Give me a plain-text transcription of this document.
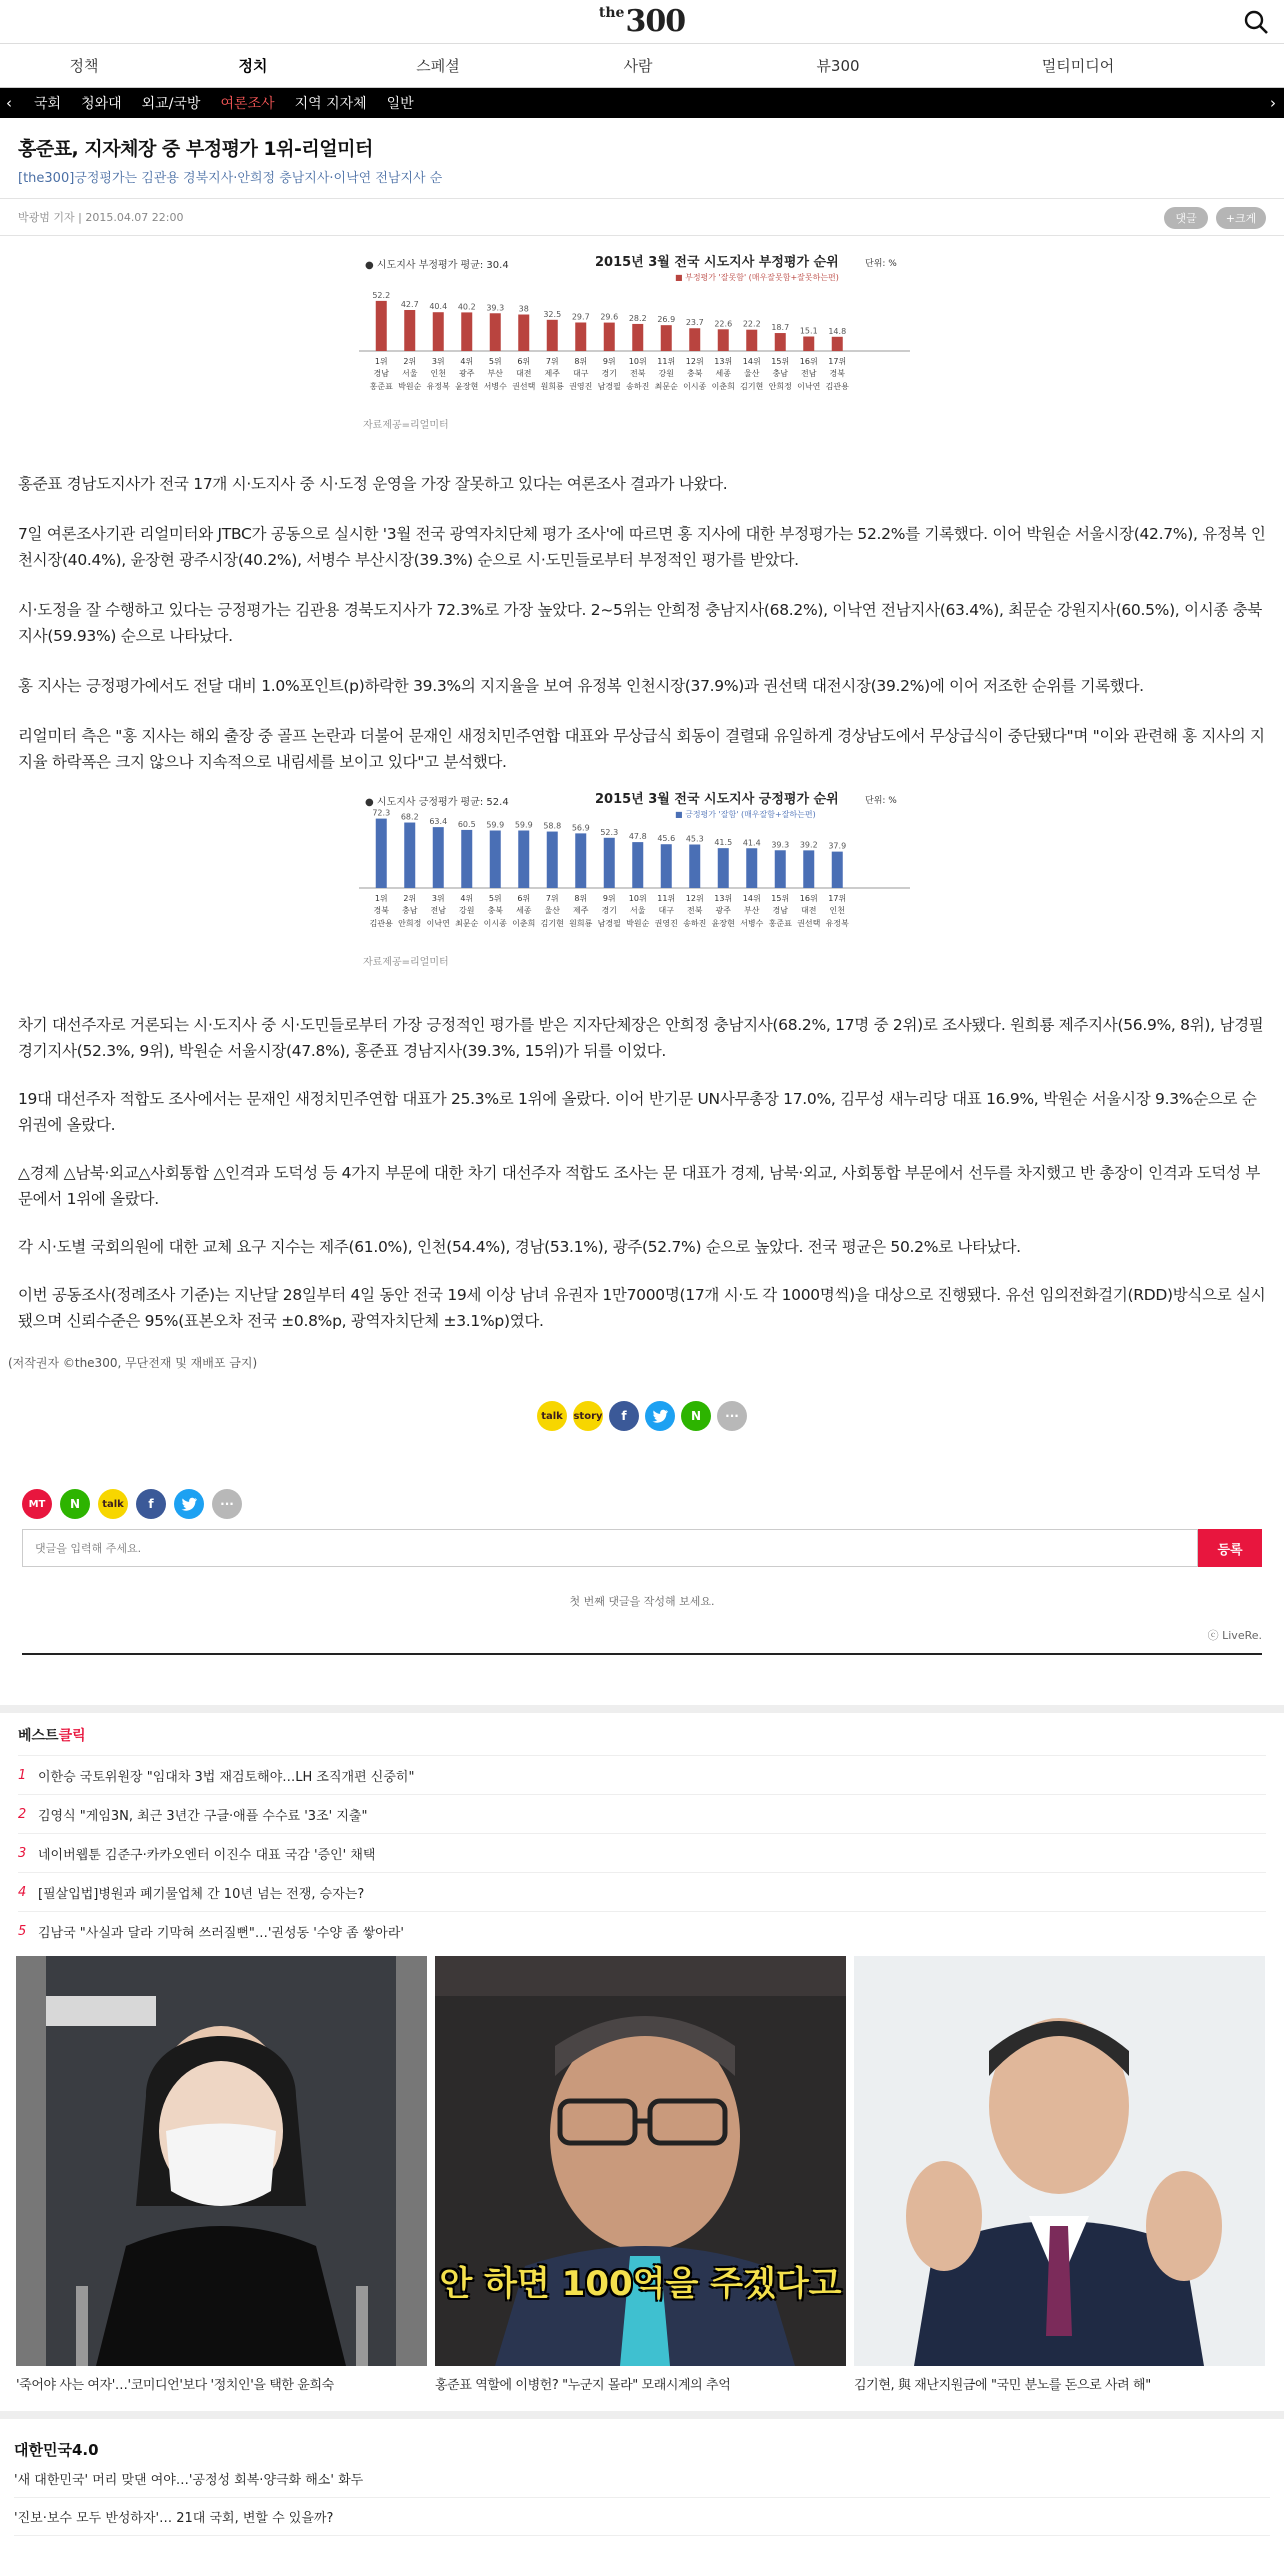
the300
정책	정치	스페셜	사람	뷰300	멀티미디어
‹ 국회 청와대 외교/국방 여론조사 지역 지자체 일반	›
홍준표, 지자체장 중 부정평가 1위-리얼미터
[the300]긍정평가는 김관용 경북지사·안희정 충남지사·이낙연 전남지사 순
박광범 기자 | 2015.04.07 22:00	댓글	+크게
● 시도지사 부정평가 평균: 30.4	2015년 3월 전국 시도지사 부정평가 순위	단위: %
■ 부정평가 '잘못함' (매우잘못함+잘못하는편)
52.2
1위
경남
홍준표
42.7
2위
서울
박원순
40.4
3위
인천
유정복
40.2
4위
광주
윤장현
39.3
5위
부산
서병수
38
6위
대전
권선택
32.5
7위
제주
원희룡
29.7
8위
대구
권영진
29.6
9위
경기
남경필
28.2
10위
전북
송하진
26.9
11위
강원
최문순
23.7
12위
충북
이시종
22.6
13위
세종
이춘희
22.2
14위
울산
김기현
18.7
15위
충남
안희정
15.1
16위
전남
이낙연
14.8
17위
경북
김관용
자료제공=리얼미터

홍준표 경남도지사가 전국 17개 시·도지사 중 시·도정 운영을 가장 잘못하고 있다는 여론조사 결과가 나왔다.

7일 여론조사기관 리얼미터와 JTBC가 공동으로 실시한 '3월 전국 광역자치단체 평가 조사'에 따르면 홍 지사에 대한 부정평가는 52.2%를 기록했다. 이어 박원순 서울시장(42.7%), 유정복 인천시장(40.4%), 윤장현 광주시장(40.2%), 서병수 부산시장(39.3%) 순으로 시·도민들로부터 부정적인 평가를 받았다.

시·도정을 잘 수행하고 있다는 긍정평가는 김관용 경북도지사가 72.3%로 가장 높았다. 2~5위는 안희정 충남지사(68.2%), 이낙연 전남지사(63.4%), 최문순 강원지사(60.5%), 이시종 충북지사(59.93%) 순으로 나타났다.

홍 지사는 긍정평가에서도 전달 대비 1.0%포인트(p)하락한 39.3%의 지지율을 보여 유정복 인천시장(37.9%)과 권선택 대전시장(39.2%)에 이어 저조한 순위를 기록했다.

리얼미터 측은 "홍 지사는 해외 출장 중 골프 논란과 더불어 문재인 새정치민주연합 대표와 무상급식 회동이 결렬돼 유일하게 경상남도에서 무상급식이 중단됐다"며 "이와 관련해 홍 지사의 지지율 하락폭은 크지 않으나 지속적으로 내림세를 보이고 있다"고 분석했다.

● 시도지사 긍정평가 평균: 52.4	2015년 3월 전국 시도지사 긍정평가 순위	단위: %
■ 긍정평가 '잘함' (매우잘함+잘하는편)
72.3
1위
경북
김관용
68.2
2위
충남
안희정
63.4
3위
전남
이낙연
60.5
4위
강원
최문순
59.9
5위
충북
이시종
59.9
6위
세종
이춘희
58.8
7위
울산
김기현
56.9
8위
제주
원희룡
52.3
9위
경기
남경필
47.8
10위
서울
박원순
45.6
11위
대구
권영진
45.3
12위
전북
송하진
41.5
13위
광주
윤장현
41.4
14위
부산
서병수
39.3
15위
경남
홍준표
39.2
16위
대전
권선택
37.9
17위
인천
유정복
자료제공=리얼미터

차기 대선주자로 거론되는 시·도지사 중 시·도민들로부터 가장 긍정적인 평가를 받은 지자단체장은 안희정 충남지사(68.2%, 17명 중 2위)로 조사됐다. 원희룡 제주지사(56.9%, 8위), 남경필 경기지사(52.3%, 9위), 박원순 서울시장(47.8%), 홍준표 경남지사(39.3%, 15위)가 뒤를 이었다.

19대 대선주자 적합도 조사에서는 문재인 새정치민주연합 대표가 25.3%로 1위에 올랐다. 이어 반기문 UN사무총장 17.0%, 김무성 새누리당 대표 16.9%, 박원순 서울시장 9.3%순으로 순위권에 올랐다.

△경제 △남북·외교△사회통합 △인격과 도덕성 등 4가지 부문에 대한 차기 대선주자 적합도 조사는 문 대표가 경제, 남북·외교, 사회통합 부문에서 선두를 차지했고 반 총장이 인격과 도덕성 부문에서 1위에 올랐다.

각 시·도별 국회의원에 대한 교체 요구 지수는 제주(61.0%), 인천(54.4%), 경남(53.1%), 광주(52.7%) 순으로 높았다. 전국 평균은 50.2%로 나타났다.

이번 공동조사(정례조사 기준)는 지난달 28일부터 4일 동안 전국 19세 이상 남녀 유권자 1만7000명(17개 시·도 각 1000명씩)을 대상으로 진행됐다. 유선 임의전화걸기(RDD)방식으로 실시됐으며 신뢰수준은 95%(표본오차 전국 ±0.8%p, 광역자치단체 ±3.1%p)였다.

(저작권자 ©the300, 무단전재 및 재배포 금지)

talk	story	f	N	···
MT	N	talk	f	···
댓글을 입력해 주세요.
등록
첫 번째 댓글을 작성해 보세요.
ⓒ LiveRe.
베스트클릭
1 이한승 국토위원장 "임대차 3법 재검토해야…LH 조직개편 신중히"
2 김영식 "게임3N, 최근 3년간 구글·애플 수수료 '3조' 지출"
3 네이버웹툰 김준구·카카오엔터 이진수 대표 국감 '증인' 채택
4 [필살입법]병원과 폐기물업체 간 10년 넘는 전쟁, 승자는?
5 김남국 "사실과 달라 기막혀 쓰러질뻔"…'권성동 '수양 좀 쌓아라'
'죽어야 사는 여자'…'코미디언'보다 '정치인'을 택한 윤희숙
안 하면 100억을 주겠다고
홍준표 역할에 이병헌? "누군지 몰라" 모래시계의 추억	김기현, 與 재난지원금에 "국민 분노를 돈으로 사려 해"
대한민국4.0
'새 대한민국' 머리 맞댄 여야…'공정성 회복·양극화 해소' 화두
'진보·보수 모두 반성하자'… 21대 국회, 변할 수 있을까?
